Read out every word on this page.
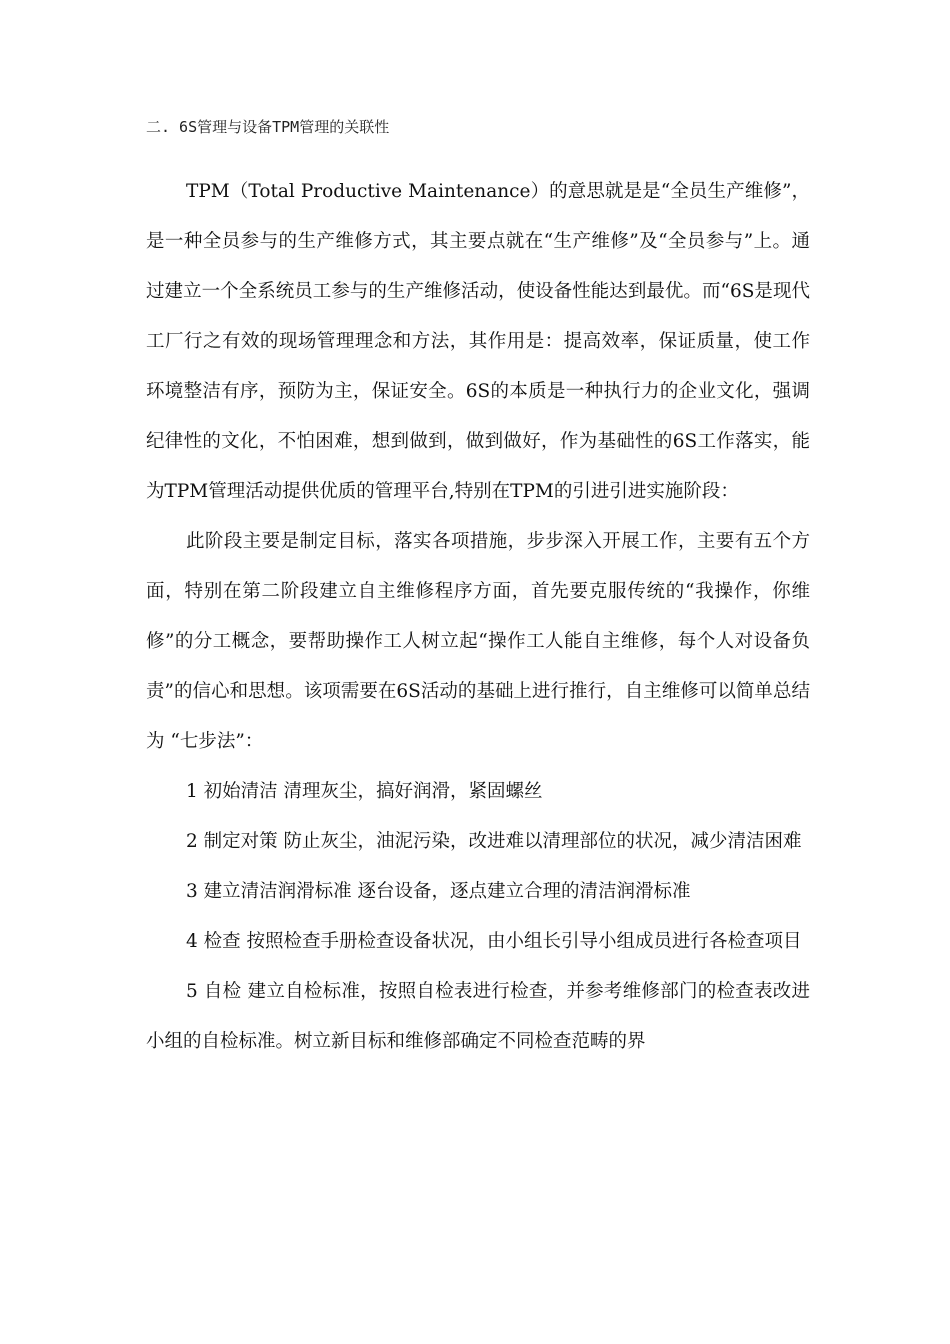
二. 6S管理与设备TPM管理的关联性

TPM（Total Productive Maintenance）的意思就是是“全员生产维修”，是一种全员参与的生产维修方式，其主要点就在“生产维修”及“全员参与”上。通过建立一个全系统员工参与的生产维修活动，使设备性能达到最优。而“6S是现代工厂行之有效的现场管理理念和方法，其作用是：提高效率，保证质量，使工作环境整洁有序，预防为主，保证安全。6S的本质是一种执行力的企业文化，强调纪律性的文化，不怕困难，想到做到，做到做好，作为基础性的6S工作落实，能为TPM管理活动提供优质的管理平台,特别在TPM的引进引进实施阶段：

此阶段主要是制定目标，落实各项措施，步步深入开展工作，主要有五个方面，特别在第二阶段建立自主维修程序方面，首先要克服传统的“我操作，你维修”的分工概念，要帮助操作工人树立起“操作工人能自主维修，每个人对设备负责”的信心和思想。该项需要在6S活动的基础上进行推行，自主维修可以简单总结为 “七步法”：

1 初始清洁 清理灰尘，搞好润滑，紧固螺丝

2 制定对策 防止灰尘，油泥污染，改进难以清理部位的状况，减少清洁困难

3 建立清洁润滑标准 逐台设备，逐点建立合理的清洁润滑标准

4 检查 按照检查手册检查设备状况，由小组长引导小组成员进行各检查项目

5 自检 建立自检标准，按照自检表进行检查，并参考维修部门的检查表改进小组的自检标准。树立新目标和维修部确定不同检查范畴的界
